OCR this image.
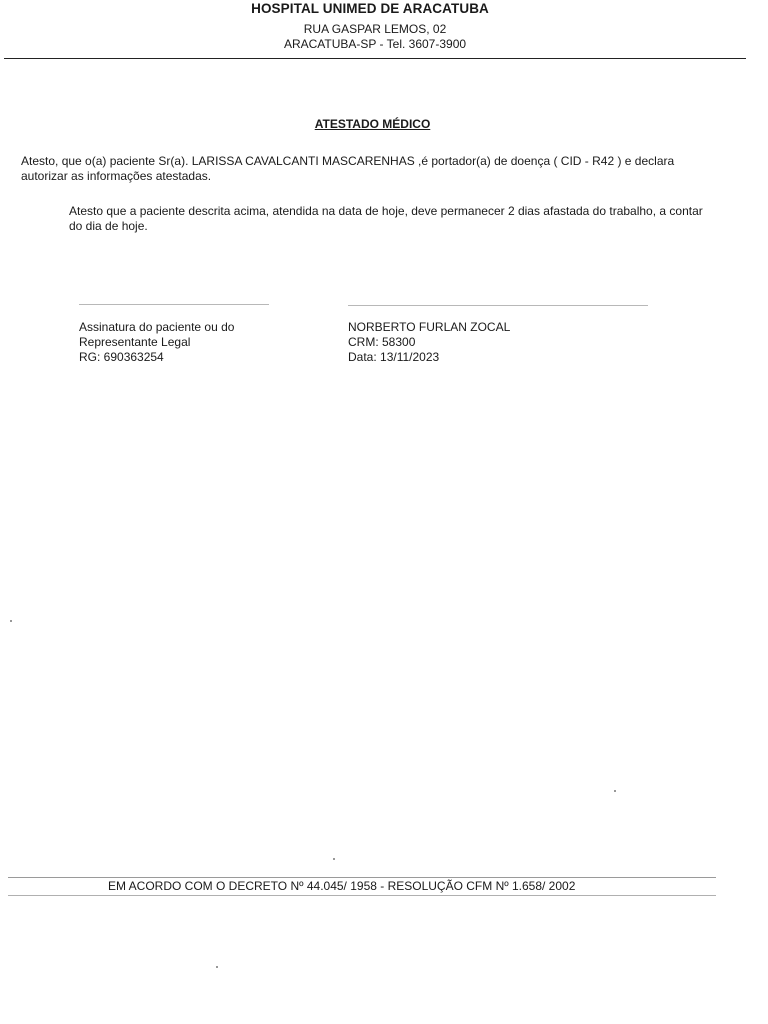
HOSPITAL UNIMED DE ARACATUBA
RUA GASPAR LEMOS, 02
ARACATUBA-SP - Tel. 3607-3900
ATESTADO MÉDICO
Atesto, que o(a) paciente Sr(a). LARISSA CAVALCANTI MASCARENHAS ,é portador(a) de doença ( CID - R42 ) e declara autorizar as informações atestadas.
Atesto que a paciente descrita acima, atendida na data de hoje, deve permanecer 2 dias afastada do trabalho, a contar do dia de hoje.
Assinatura do paciente ou do
Representante Legal
RG: 690363254
NORBERTO FURLAN ZOCAL
CRM: 58300
Data: 13/11/2023
EM ACORDO COM O DECRETO Nº 44.045/ 1958 - RESOLUÇÃO CFM Nº 1.658/ 2002
